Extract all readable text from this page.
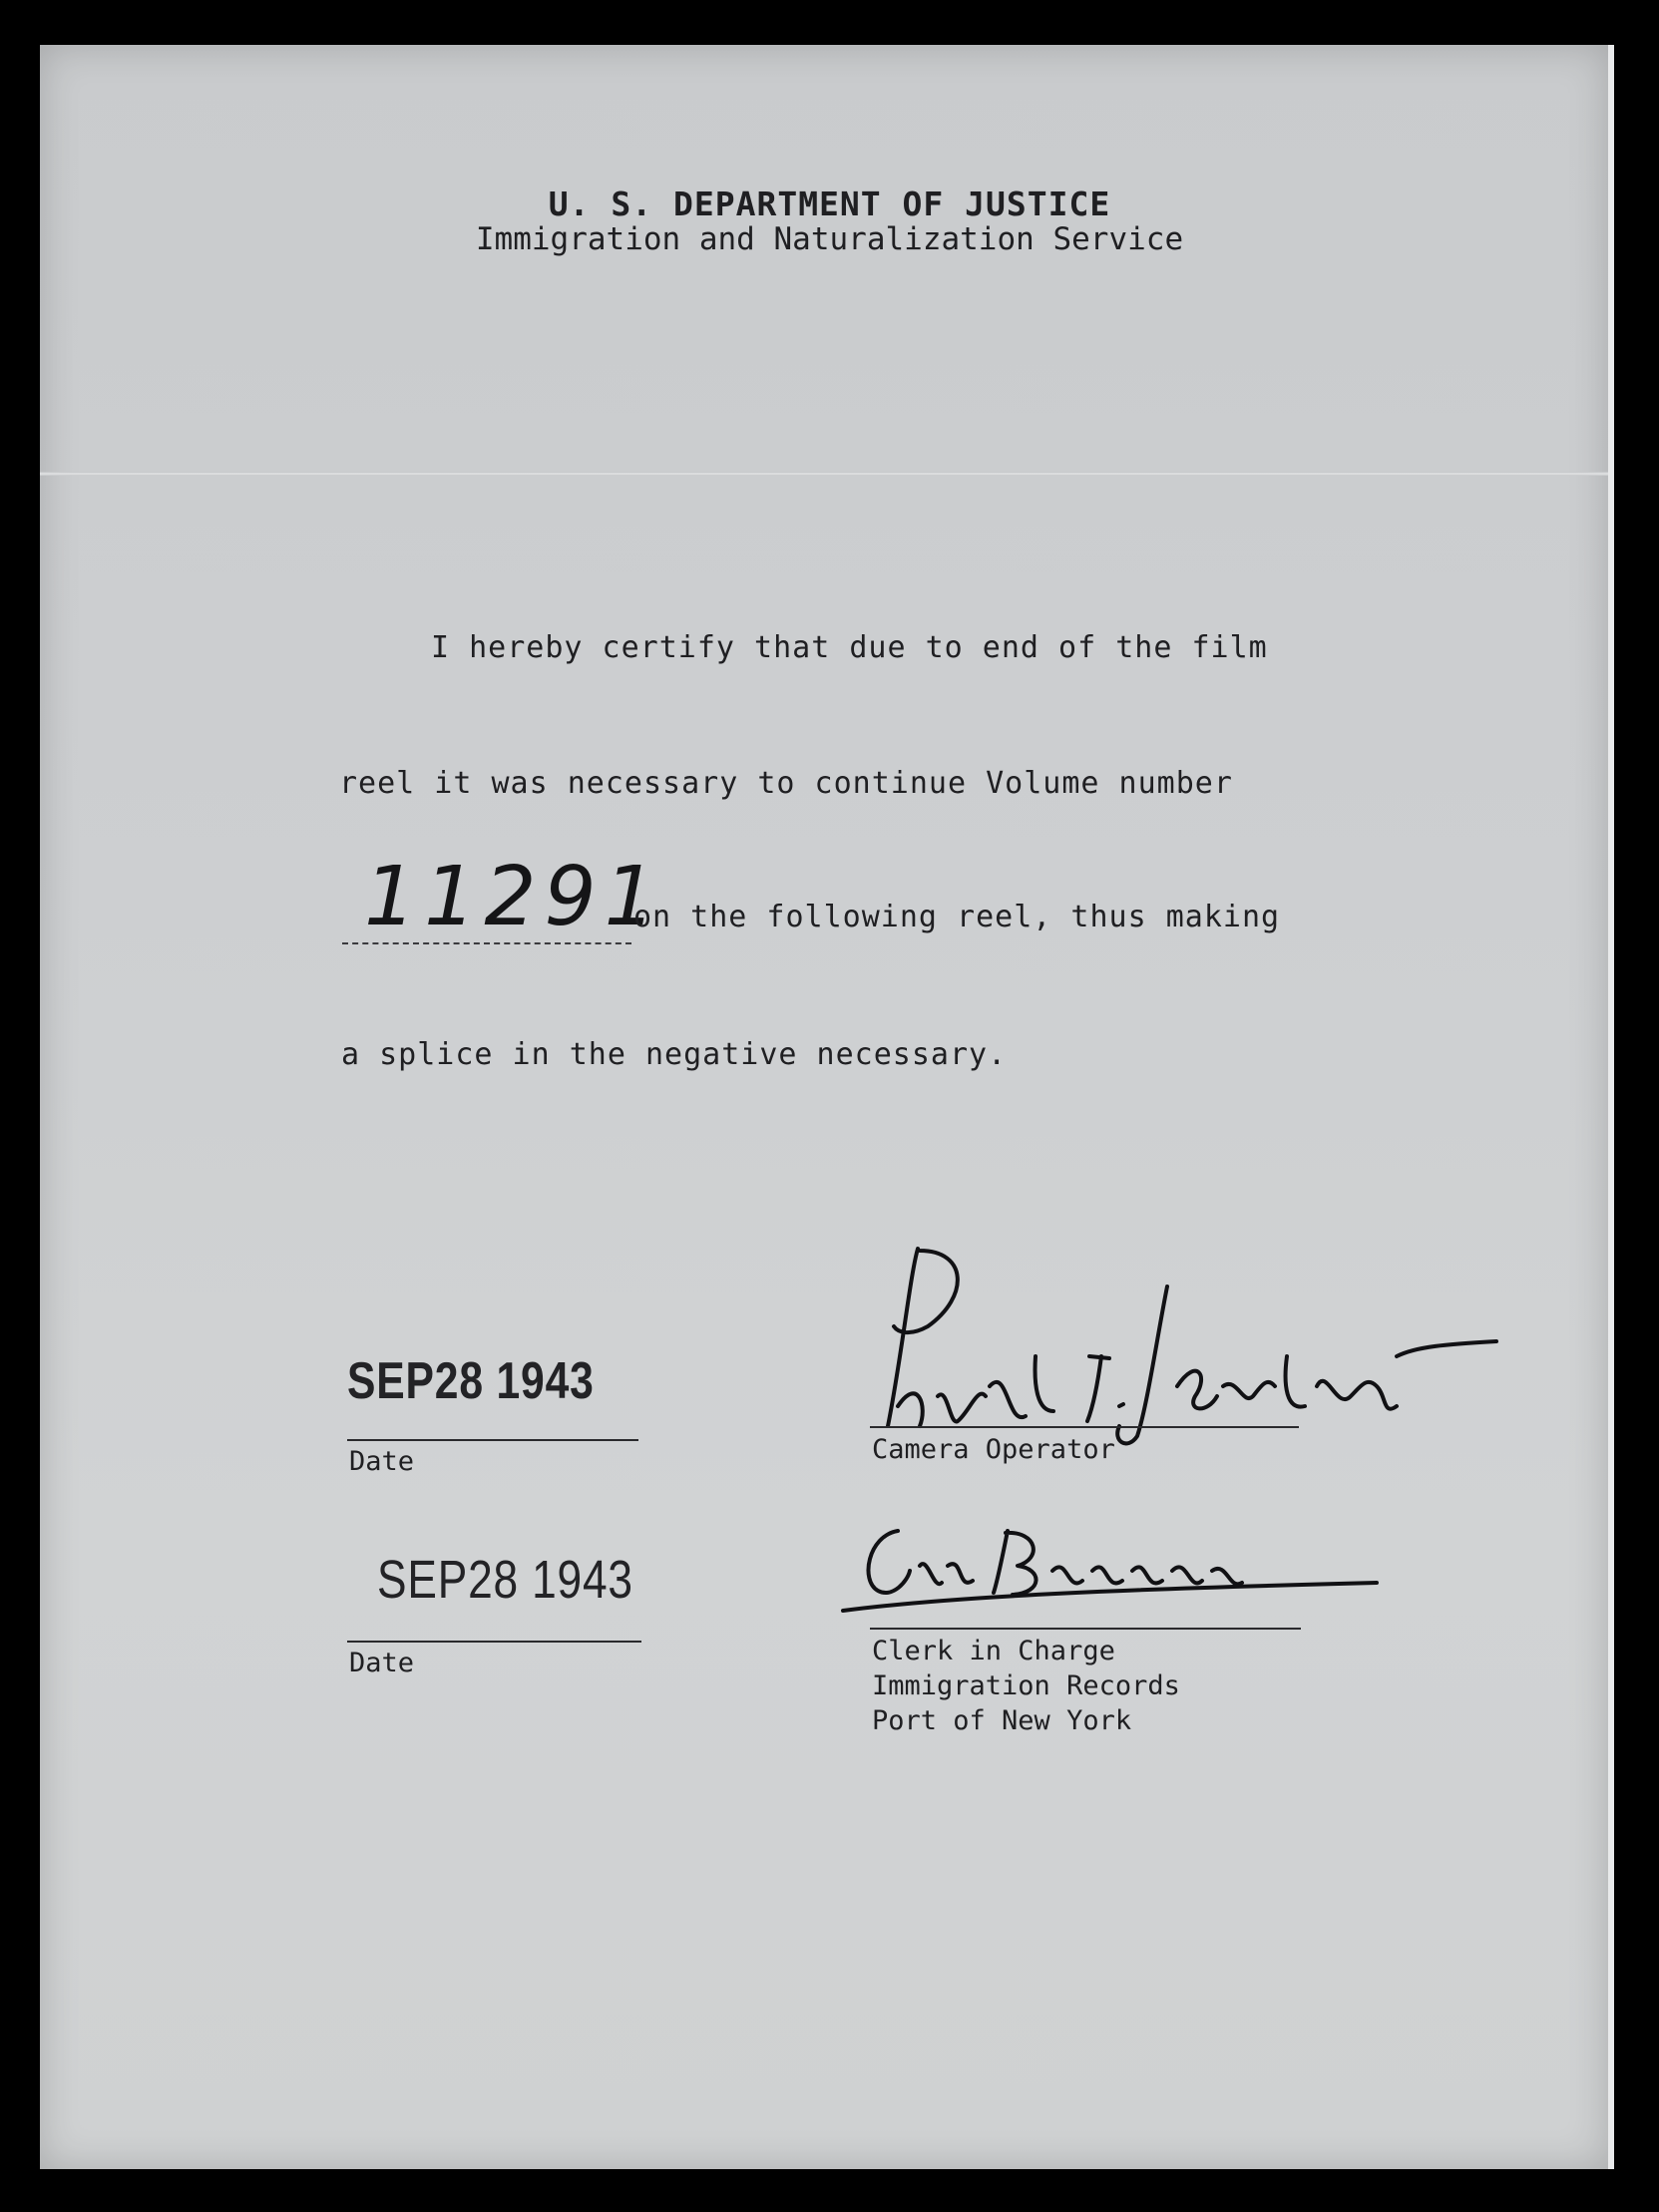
U. S. DEPARTMENT OF JUSTICE
Immigration and Naturalization Service
I hereby certify that due to end of the film
reel it was necessary to continue Volume number
11291
on the following reel, thus making
a splice in the negative necessary.
SEP28 1943
Date	Camera Operator
SEP28 1943
Date	Clerk in Charge
Immigration Records
Port of New York
